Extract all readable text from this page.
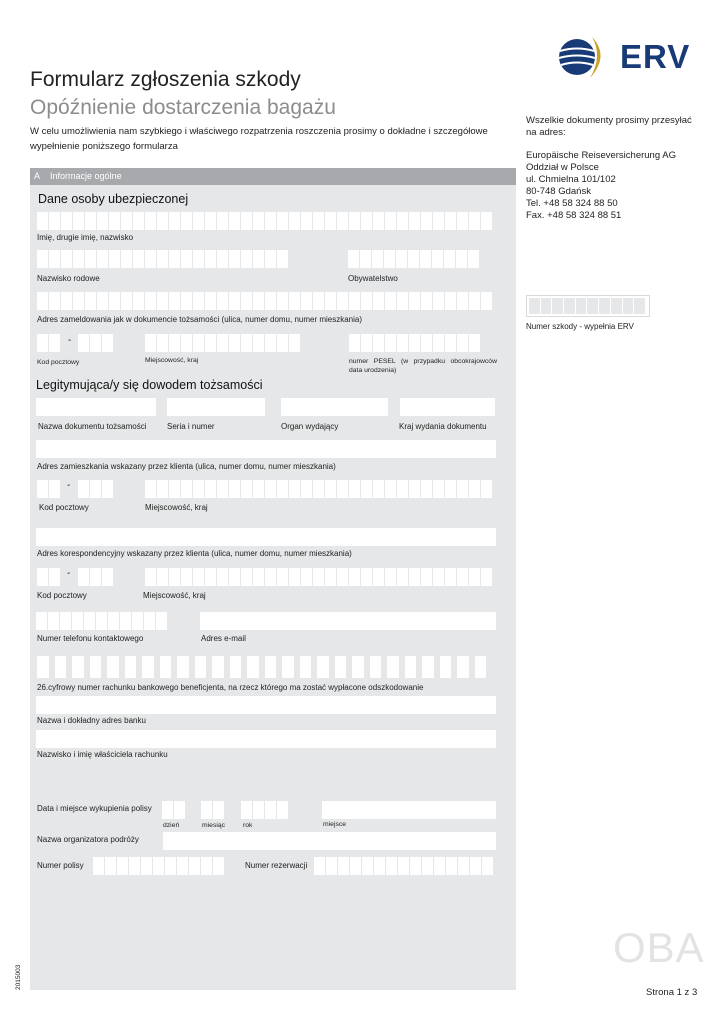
Formularz zgłoszenia szkody
Opóźnienie dostarczenia bagażu
W celu umożliwienia nam szybkiego i właściwego rozpatrzenia roszczenia prosimy o dokładne i szczegółowe wypełnienie poniższego formularza
ERV
Wszelkie dokumenty prosimy przesyłać
na adres:
Europäische Reiseversicherung AG
Oddział w Polsce
ul. Chmielna 101/102
80-748 Gdańsk
Tel. +48 58 324 88 50
Fax. +48 58 324 88 51
Numer szkody - wypełnia ERV
A Informacje ogólne
Dane osoby ubezpieczonej
Imię, drugie imię, nazwisko
Nazwisko rodowe	Obywatelstwo
Adres zameldowania jak w dokumencie tożsamości (ulica, numer domu, numer mieszkania)
-
Kod pocztowy	Miejscowość, kraj	numer PESEL (w przypadku obcokrajowców data urodzenia)
Legitymująca/y się dowodem tożsamości
Nazwa dokumentu tożsamości	Seria i numer	Organ wydający	Kraj wydania dokumentu
Adres zamieszkania wskazany przez klienta (ulica, numer domu, numer mieszkania)
-
Kod pocztowy	Miejscowość, kraj
Adres korespondencyjny wskazany przez klienta (ulica, numer domu, numer mieszkania)
-
Kod pocztowy	Miejscowość, kraj
Numer telefonu kontaktowego	Adres e-mail
26.cyfrowy numer rachunku bankowego beneficjenta, na rzecz którego ma zostać wypłacone odszkodowanie
Nazwa i dokładny adres banku
Nazwisko i imię właściciela rachunku
Data i miejsce wykupienia polisy
dzień	miesiąc	rok	miejsce
Nazwa organizatora podróży
Numer polisy	Numer rezerwacji
OBA
Strona 1 z 3
2015003
